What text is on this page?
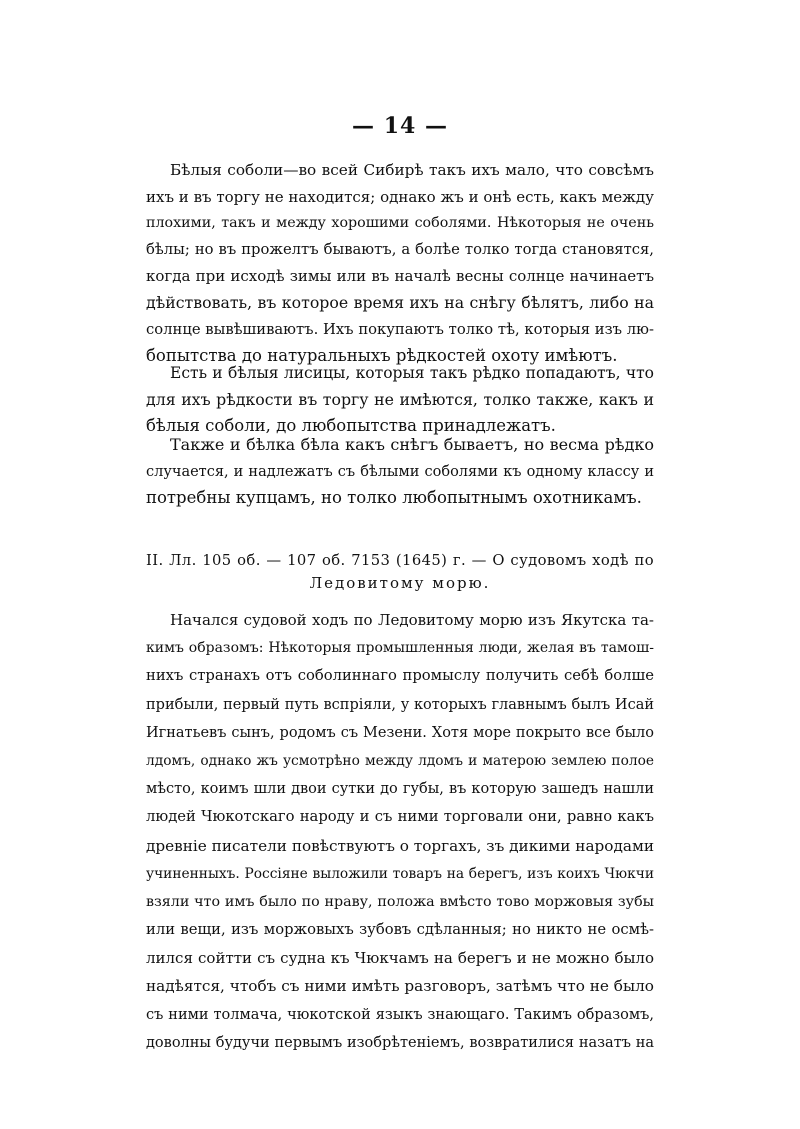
— 14 —
Бѣлыя соболи—во всей Сибирѣ такъ ихъ мало, что совсѣмъ
ихъ и въ торгу не находится; однако жъ и онѣ есть, какъ между
плохими, такъ и между хорошими соболями. Нѣкоторыя не очень
бѣлы; но въ прожелтъ бываютъ, а болѣе толко тогда становятся,
когда при исходѣ зимы или въ началѣ весны солнце начинаетъ
дѣйствовать, въ которое время ихъ на снѣгу бѣлятъ, либо на
солнце вывѣшиваютъ. Ихъ покупаютъ толко тѣ, которыя изъ лю-
бопытства до натуральныхъ рѣдкостей охоту имѣютъ.
Есть и бѣлыя лисицы, которыя такъ рѣдко попадаютъ, что
для ихъ рѣдкости въ торгу не имѣются, толко также, какъ и
бѣлыя соболи, до любопытства принадлежатъ.
Также и бѣлка бѣла какъ снѣгъ бываетъ, но весма рѣдко
случается, и надлежатъ съ бѣлыми соболями къ одному классу и
потребны купцамъ, но толко любопытнымъ охотникамъ.
II. Лл. 105 об. — 107 об. 7153 (1645) г. — О судовомъ ходѣ по
Ледовитому морю.
Начался судовой ходъ по Ледовитому морю изъ Якутска та-
кимъ образомъ: Нѣкоторыя промышленныя люди, желая въ тамош-
нихъ странахъ отъ соболиннаго промыслу получить себѣ болше
прибыли, первый путь вспріяли, у которыхъ главнымъ былъ Исай
Игнатьевъ сынъ, родомъ съ Мезени. Хотя море покрыто все было
лдомъ, однако жъ усмотрѣно между лдомъ и матерою землею полое
мѣсто, коимъ шли двои сутки до губы, въ которую зашедъ нашли
людей Чюкотскаго народу и съ ними торговали они, равно какъ
древніе писатели повѣствуютъ о торгахъ, зъ дикими народами
учиненныхъ. Россіяне выложили товаръ на берегъ, изъ коихъ Чюкчи
взяли что имъ было по нраву, положа вмѣсто тово моржовыя зубы
или вещи, изъ моржовыхъ зубовъ сдѣланныя; но никто не осмѣ-
лился сойтти съ судна къ Чюкчамъ на берегъ и не можно было
надѣятся, чтобъ съ ними имѣть разговоръ, затѣмъ что не было
съ ними толмача, чюкотской языкъ знающаго. Такимъ образомъ,
доволны будучи первымъ изобрѣтеніемъ, возвратилися назатъ на
